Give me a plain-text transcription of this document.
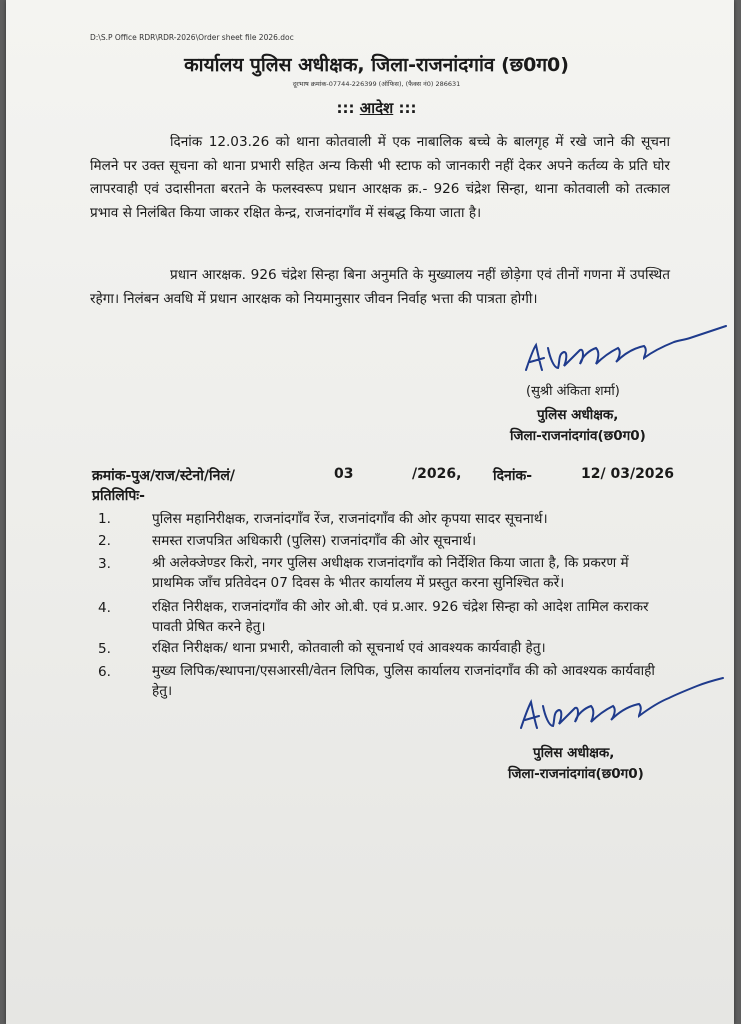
D:\S.P Office RDR\RDR-2026\Order sheet file 2026.doc
कार्यालय पुलिस अधीक्षक, जिला-राजनांदगांव (छ0ग0)
दूरभाष क्रमांक-07744-226399 (ऑफिस), (फैक्स नं0) 286631
::: आदेश :::
दिनांक 12.03.26 को थाना कोतवाली में एक नाबालिक बच्चे के बालगृह में रखे जाने की सूचना मिलने पर उक्त सूचना को थाना प्रभारी सहित अन्य किसी भी स्टाफ को जानकारी नहीं देकर अपने कर्तव्य के प्रति घोर लापरवाही एवं उदासीनता बरतने के फलस्वरूप प्रधान आरक्षक क्र.- 926 चंद्रेश सिन्हा, थाना कोतवाली को तत्काल प्रभाव से निलंबित किया जाकर रक्षित केन्द्र, राजनांदगाँव में संबद्ध किया जाता है।
प्रधान आरक्षक. 926 चंद्रेश सिन्हा बिना अनुमति के मुख्यालय नहीं छोड़ेगा एवं तीनों गणना में उपस्थित रहेगा। निलंबन अवधि में प्रधान आरक्षक को नियमानुसार जीवन निर्वाह भत्ता की पात्रता होगी।
(सुश्री अंकिता शर्मा)
पुलिस अधीक्षक,
जिला-राजनांदगांव(छ0ग0)
क्रमांक-पुअ/राज/स्टेनो/निलं/	03	/2026, दिनांक-	12/ 03/2026
प्रतिलिपिः-
1.	पुलिस महानिरीक्षक, राजनांदगाँव रेंज, राजनांदगाँव की ओर कृपया सादर सूचनार्थ।
2.	समस्त राजपत्रित अधिकारी (पुलिस) राजनांदगाँव की ओर सूचनार्थ।
3.	श्री अलेक्जेण्डर किरो, नगर पुलिस अधीक्षक राजनांदगाँव को निर्देशित किया जाता है, कि प्रकरण में प्राथमिक जाँच प्रतिवेदन 07 दिवस के भीतर कार्यालय में प्रस्तुत करना सुनिश्चित करें।
4.	रक्षित निरीक्षक, राजनांदगाँव की ओर ओ.बी. एवं प्र.आर. 926 चंद्रेश सिन्हा को आदेश तामिल कराकर पावती प्रेषित करने हेतु।
5.	रक्षित निरीक्षक/ थाना प्रभारी, कोतवाली को सूचनार्थ एवं आवश्यक कार्यवाही हेतु।
6.	मुख्य लिपिक/स्थापना/एसआरसी/वेतन लिपिक, पुलिस कार्यालय राजनांदगाँव की को आवश्यक कार्यवाही हेतु।
पुलिस अधीक्षक,
जिला-राजनांदगांव(छ0ग0)
